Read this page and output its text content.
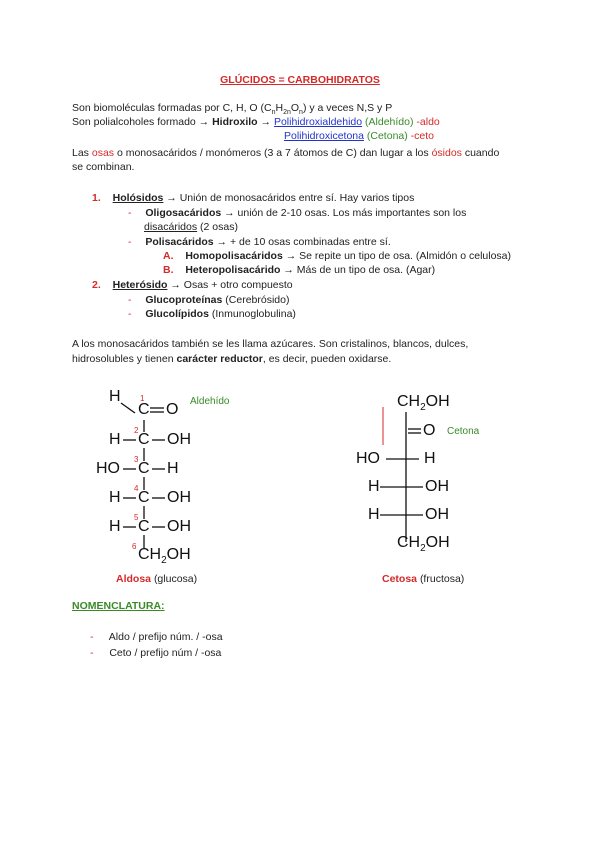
GLÚCIDOS = CARBOHIDRATOS
Son biomoléculas formadas por C, H, O $(C_nH_{2n}O_n)$ y a veces N,S y P
Son polialcoholes formado → Hidroxilo → Polihidroxialdehido (Aldehído) -aldo
Polihidroxicetona (Cetona) -ceto
Las osas o monosacáridos / monómeros (3 a 7 átomos de C) dan lugar a los ósidos cuando
se combinan.
1. Holósidos → Unión de monosacáridos entre sí. Hay varios tipos
- Oligosacáridos → unión de 2-10 osas. Los más importantes son los
disacáridos (2 osas)
- Polisacáridos → + de 10 osas combinadas entre sí.
A. Homopolisacáridos → Se repite un tipo de osa. (Almidón o celulosa)
B. Heteropolisacárido → Más de un tipo de osa. (Agar)
2. Heterósido → Osas + otro compuesto
- Glucoproteínas (Cerebrósido)
- Glucolípidos (Inmunoglobulina)
A los monosacáridos también se les llama azúcares. Son cristalinos, blancos, dulces,
hidrosolubles y tienen carácter reductor, es decir, pueden oxidarse.
H 1
C O Aldehído
H
2
C OH
HO
3
C H
H
4
C OH
H
5
C OH
6 $CH_2OH$
Aldosa (glucosa)
$CH_2OH$
O Cetona
HO	H
H	OH
H	OH
$CH_2OH$
Cetosa (fructosa)
NOMENCLATURA:
- Aldo / prefijo núm. / -osa
- Ceto / prefijo núm / -osa
